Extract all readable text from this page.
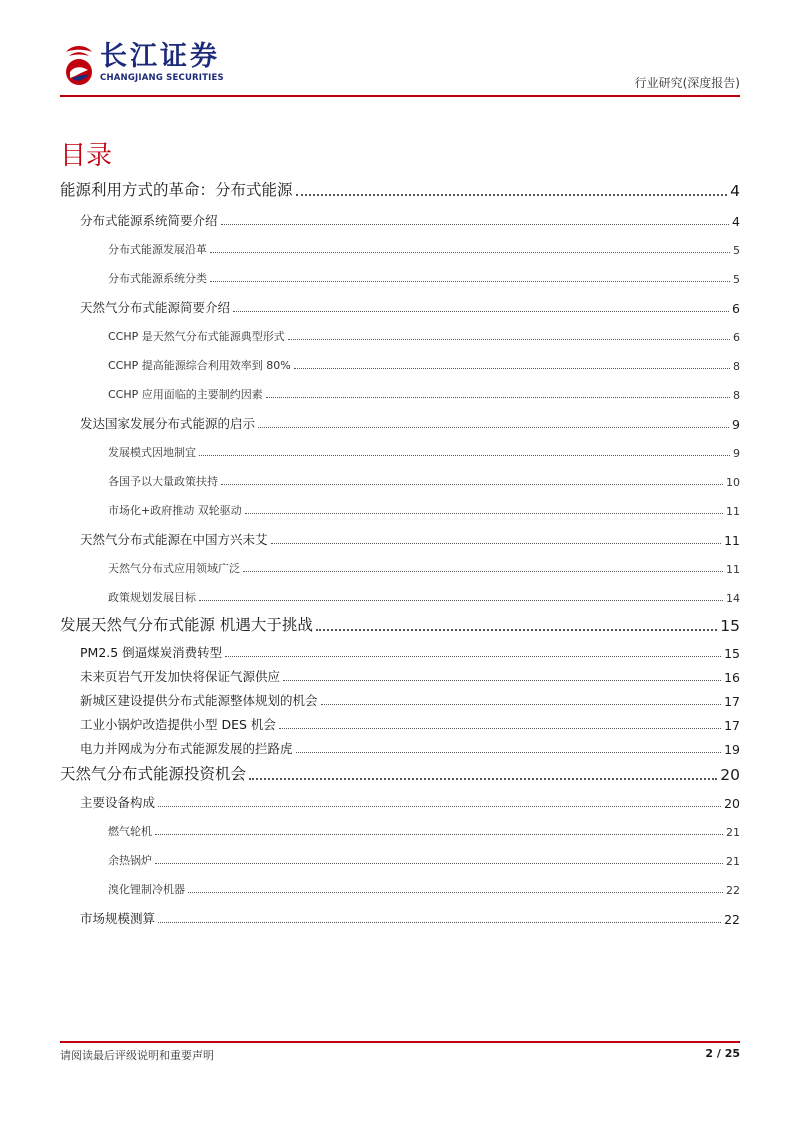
长江证券
CHANGJIANG SECURITIES	行业研究(深度报告)
目录
能源利用方式的革命：分布式能源	4
分布式能源系统简要介绍	4
分布式能源发展沿革	5
分布式能源系统分类	5
天然气分布式能源简要介绍	6
CCHP 是天然气分布式能源典型形式	6
CCHP 提高能源综合利用效率到 80%	8
CCHP 应用面临的主要制约因素	8
发达国家发展分布式能源的启示	9
发展模式因地制宜	9
各国予以大量政策扶持	10
市场化+政府推动 双轮驱动	11
天然气分布式能源在中国方兴未艾	11
天然气分布式应用领域广泛	11
政策规划发展目标	14
发展天然气分布式能源 机遇大于挑战	15
PM2.5 倒逼煤炭消费转型	15
未来页岩气开发加快将保证气源供应	16
新城区建设提供分布式能源整体规划的机会	17
工业小锅炉改造提供小型 DES 机会	17
电力并网成为分布式能源发展的拦路虎	19
天然气分布式能源投资机会	20
主要设备构成	20
燃气轮机	21
余热锅炉	21
溴化锂制冷机器	22
市场规模测算	22
请阅读最后评级说明和重要声明	2 / 25
